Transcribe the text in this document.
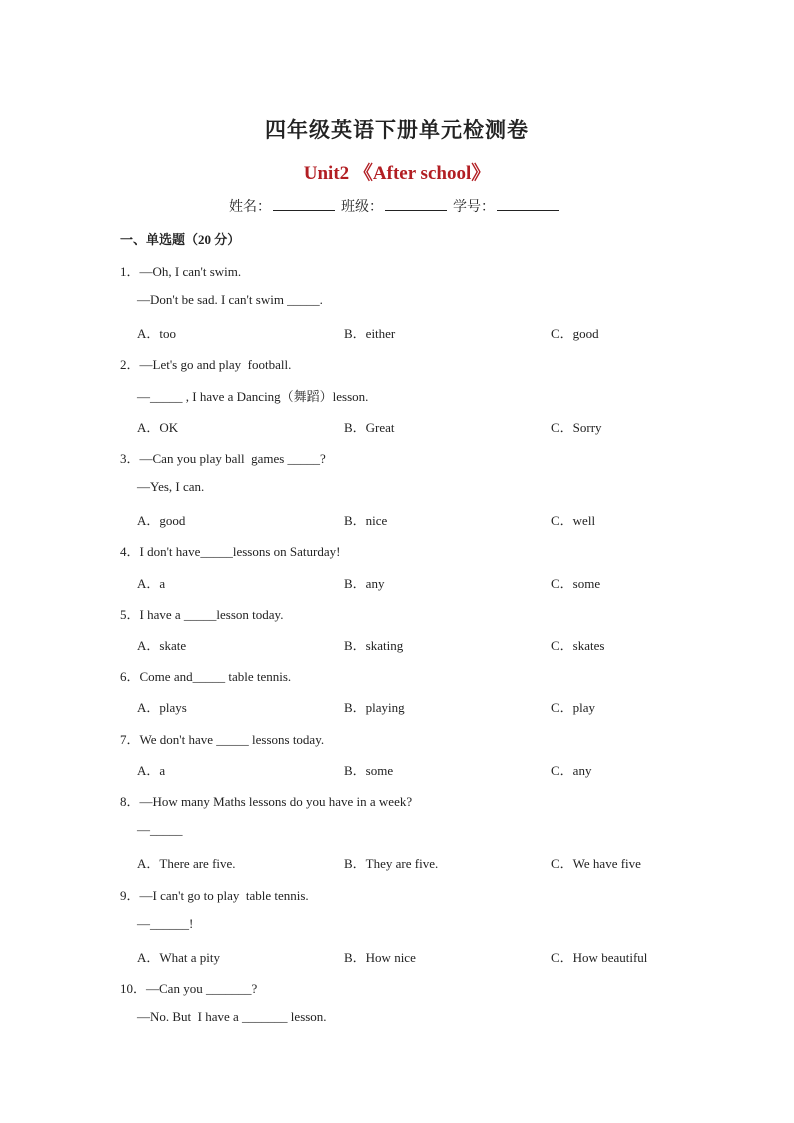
四年级英语下册单元检测卷
Unit2 《After school》
姓名：	班级：	学号：
一、单选题（20 分）
1．—Oh, I can't swim.
—Don't be sad. I can't swim _____.
A．too	B．either	C．good
2．—Let's go and play  football.
—_____ , I have a Dancing（舞蹈）lesson.
A．OK	B．Great	C．Sorry
3．—Can you play ball  games _____?
—Yes, I can.
A．good	B．nice	C．well
4．I don't have_____lessons on Saturday!
A．a	B．any	C．some
5．I have a _____lesson today.
A．skate	B．skating	C．skates
6．Come and_____ table tennis.
A．plays	B．playing	C．play
7．We don't have _____ lessons today.
A．a	B．some	C．any
8．—How many Maths lessons do you have in a week?
—_____
A．There are five.	B．They are five.	C．We have five
9．—I can't go to play  table tennis.
—______!
A．What a pity	B．How nice	C．How beautiful
10．—Can you _______?
—No. But  I have a _______ lesson.
